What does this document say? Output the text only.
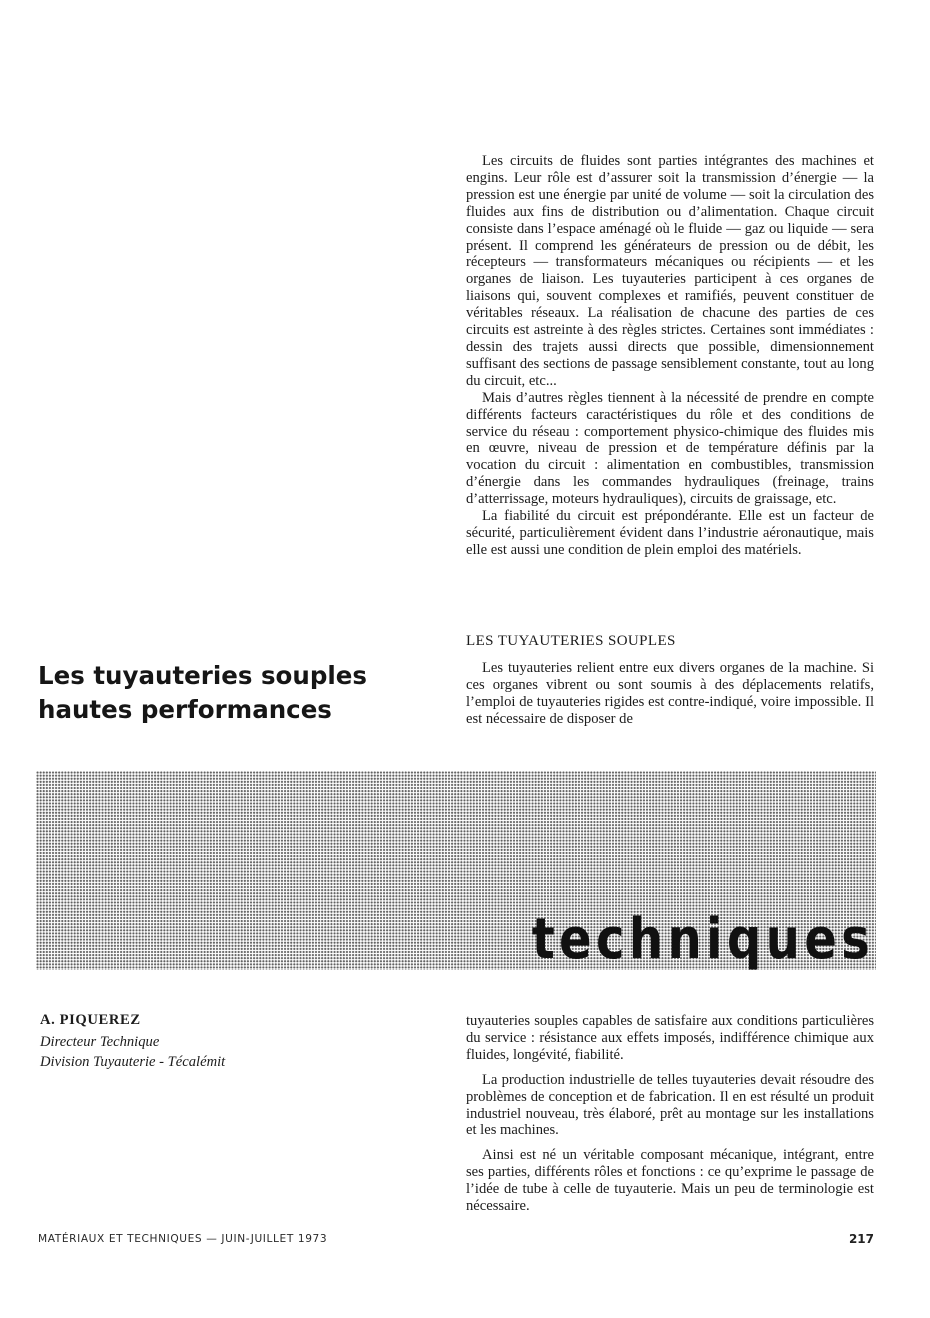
Les circuits de fluides sont parties intégrantes des machines et engins. Leur rôle est d’assurer soit la transmission d’énergie — la pression est une énergie par unité de volume — soit la circulation des fluides aux fins de distribution ou d’alimentation. Chaque circuit consiste dans l’espace aménagé où le fluide — gaz ou liquide — sera présent. Il comprend les générateurs de pression ou de débit, les récepteurs — transformateurs mécaniques ou récipients — et les organes de liaison. Les tuyauteries participent à ces organes de liaisons qui, souvent complexes et ramifiés, peuvent constituer de véritables réseaux. La réalisation de chacune des parties de ces circuits est astreinte à des règles strictes. Certaines sont immédiates : dessin des trajets aussi directs que possible, dimensionnement suffisant des sections de passage sensiblement constante, tout au long du circuit, etc...

Mais d’autres règles tiennent à la nécessité de prendre en compte différents facteurs caractéristiques du rôle et des conditions de service du réseau : comportement physico-chimique des fluides mis en œuvre, niveau de pression et de température définis par la vocation du circuit : alimentation en combustibles, transmission d’énergie dans les commandes hydrauliques (freinage, trains d’atterrissage, moteurs hydrauliques), circuits de graissage, etc.

La fiabilité du circuit est prépondérante. Elle est un facteur de sécurité, particulièrement évident dans l’industrie aéronautique, mais elle est aussi une condition de plein emploi des matériels.

LES TUYAUTERIES SOUPLES

Les tuyauteries relient entre eux divers organes de la machine. Si ces organes vibrent ou sont soumis à des déplacements relatifs, l’emploi de tuyauteries rigides est contre-indiqué, voire impossible. Il est nécessaire de disposer de

Les tuyauteries souples
hautes performances
techniques

A. PIQUEREZ

Directeur Technique

Division Tuyauterie - Técalémit

tuyauteries souples capables de satisfaire aux conditions particulières du service : résistance aux effets imposés, indifférence chimique aux fluides, longévité, fiabilité.

La production industrielle de telles tuyauteries devait résoudre des problèmes de conception et de fabrication. Il en est résulté un produit industriel nouveau, très élaboré, prêt au montage sur les installations et les machines.

Ainsi est né un véritable composant mécanique, intégrant, entre ses parties, différents rôles et fonctions : ce qu’exprime le passage de l’idée de tube à celle de tuyauterie. Mais un peu de terminologie est nécessaire.

MATÉRIAUX ET TECHNIQUES — JUIN-JUILLET 1973	217
